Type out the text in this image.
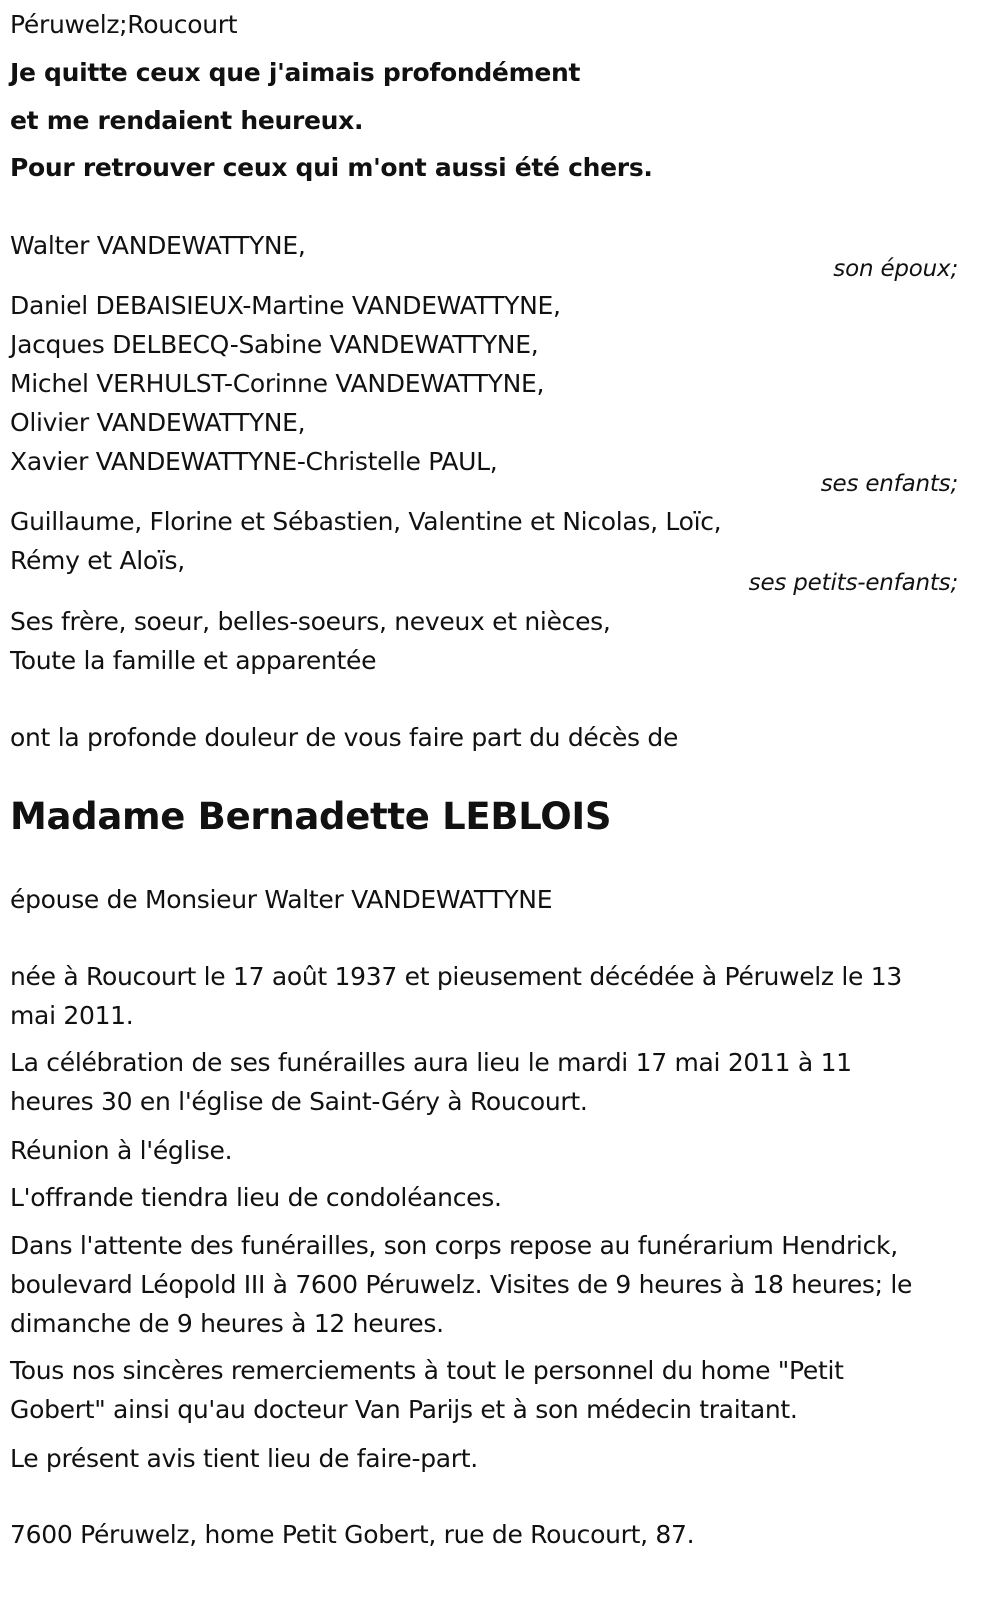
Péruwelz;Roucourt
Je quitte ceux que j'aimais profondément
et me rendaient heureux.
Pour retrouver ceux qui m'ont aussi été chers.
Walter VANDEWATTYNE,
son époux;
Daniel DEBAISIEUX-Martine VANDEWATTYNE,
Jacques DELBECQ-Sabine VANDEWATTYNE,
Michel VERHULST-Corinne VANDEWATTYNE,
Olivier VANDEWATTYNE,
Xavier VANDEWATTYNE-Christelle PAUL,
ses enfants;
Guillaume, Florine et Sébastien, Valentine et Nicolas, Loïc,
Rémy et Aloïs,
ses petits-enfants;
Ses frère, soeur, belles-soeurs, neveux et nièces,
Toute la famille et apparentée
ont la profonde douleur de vous faire part du décès de
Madame Bernadette LEBLOIS
épouse de Monsieur Walter VANDEWATTYNE
née à Roucourt le 17 août 1937 et pieusement décédée à Péruwelz le 13
mai 2011.
La célébration de ses funérailles aura lieu le mardi 17 mai 2011 à 11
heures 30 en l'église de Saint-Géry à Roucourt.
Réunion à l'église.
L'offrande tiendra lieu de condoléances.
Dans l'attente des funérailles, son corps repose au funérarium Hendrick,
boulevard Léopold III à 7600 Péruwelz. Visites de 9 heures à 18 heures; le
dimanche de 9 heures à 12 heures.
Tous nos sincères remerciements à tout le personnel du home "Petit
Gobert" ainsi qu'au docteur Van Parijs et à son médecin traitant.
Le présent avis tient lieu de faire-part.
7600 Péruwelz, home Petit Gobert, rue de Roucourt, 87.
